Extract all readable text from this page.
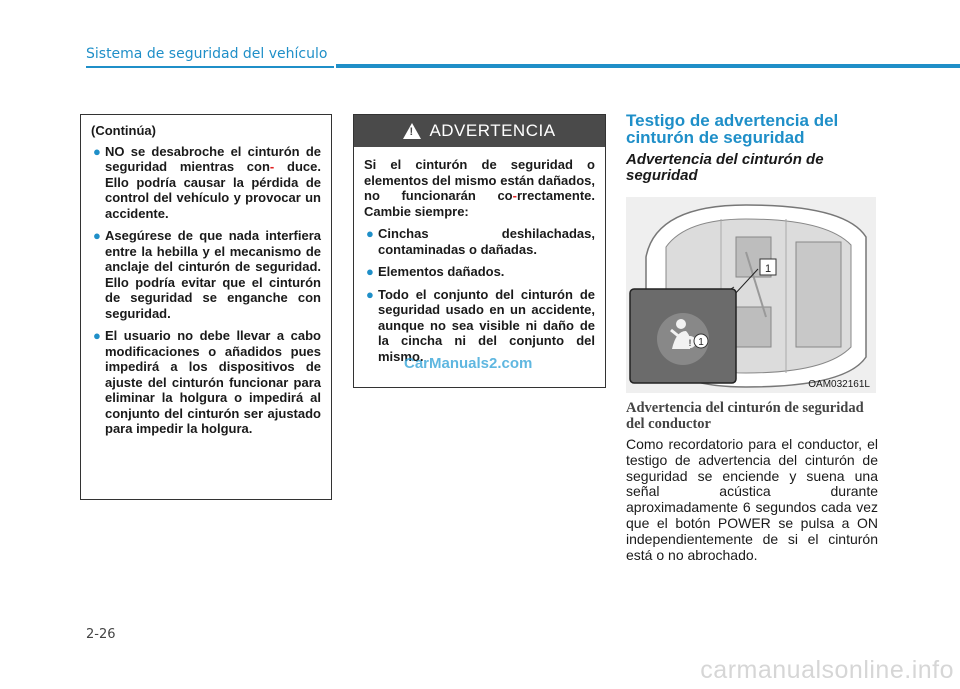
Sistema de seguridad del vehículo
(Continúa)
● NO se desabroche el cinturón de seguridad mientras con- duce. Ello podría causar la pérdida de control del vehículo y provocar un accidente.
● Asegúrese de que nada interfiera entre la hebilla y el mecanismo de anclaje del cinturón de seguridad. Ello podría evitar que el cinturón de seguridad se enganche con seguridad.
● El usuario no debe llevar a cabo modificaciones o añadidos pues impedirá a los dispositivos de ajuste del cinturón funcionar para eliminar la holgura o impedirá al conjunto del cinturón ser ajustado para impedir la holgura.
! ADVERTENCIA
Si el cinturón de seguridad o elementos del mismo están dañados, no funcionarán co-rrectamente. Cambie siempre:
● Cinchas deshilachadas, contaminadas o dañadas.
● Elementos dañados.
● Todo el conjunto del cinturón de seguridad usado en un accidente, aunque no sea visible ni daño de la cincha ni del conjunto del mismo.
CarManuals2.com
Testigo de advertencia del cinturón de seguridad
Advertencia del cinturón de seguridad
1
! 1
OAM032161L
Advertencia del cinturón de seguridad del conductor
Como recordatorio para el conductor, el testigo de advertencia del cinturón de seguridad se enciende y suena una señal acústica durante aproximadamente 6 segundos cada vez que el botón POWER se pulsa a ON independientemente de si el cinturón está o no abrochado.
2-26
carmanualsonline.info
